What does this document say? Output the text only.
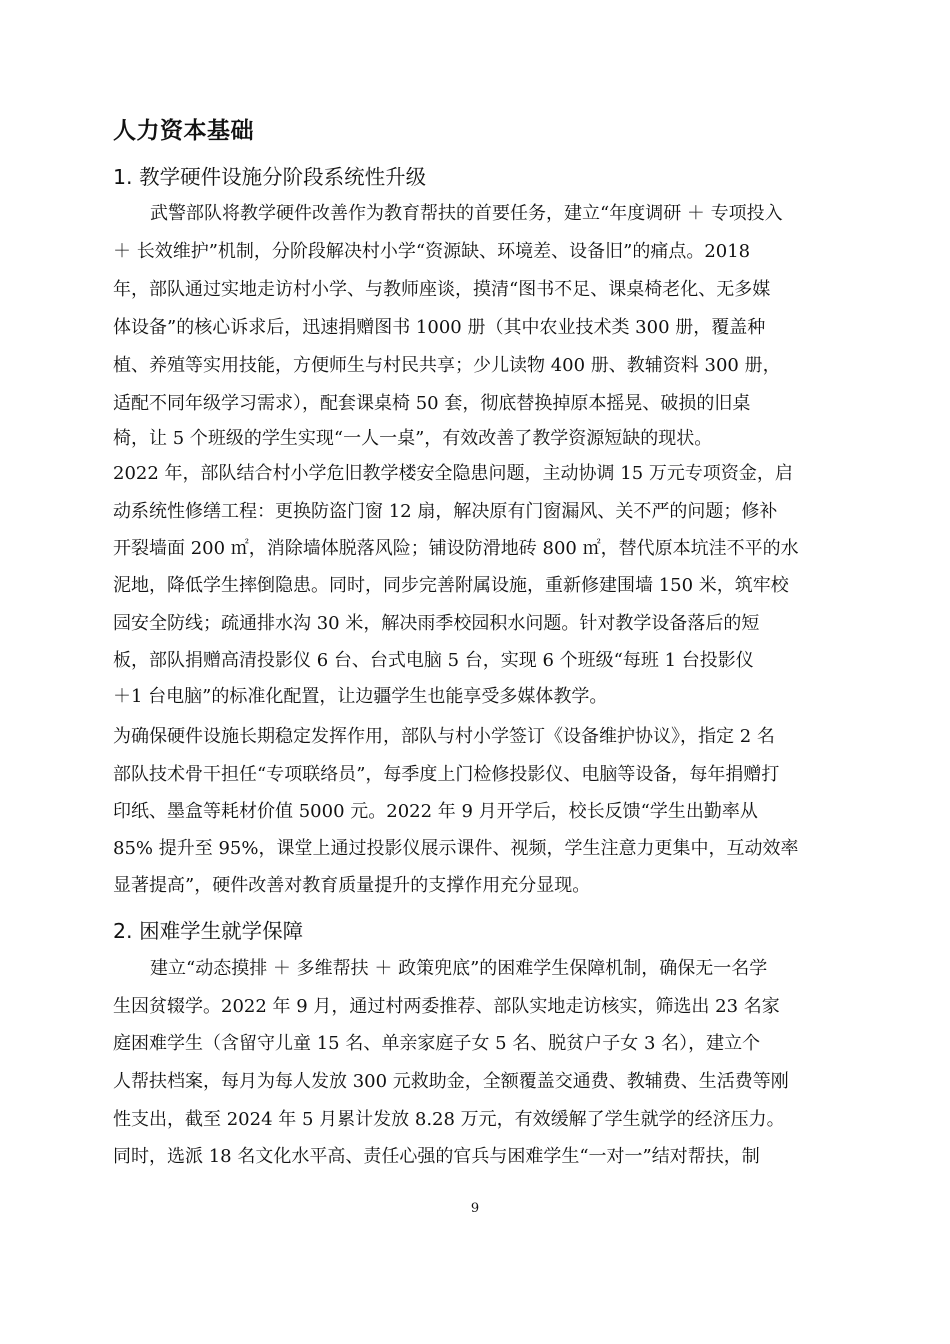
人力资本基础
1. 教学硬件设施分阶段系统性升级
武警部队将教学硬件改善作为教育帮扶的首要任务，建立“年度调研 ＋ 专项投入
＋ 长效维护”机制，分阶段解决村小学“资源缺、环境差、设备旧”的痛点。2018
年，部队通过实地走访村小学、与教师座谈，摸清“图书不足、课桌椅老化、无多媒
体设备”的核心诉求后，迅速捐赠图书 1000 册（其中农业技术类 300 册，覆盖种
植、养殖等实用技能，方便师生与村民共享；少儿读物 400 册、教辅资料 300 册，
适配不同年级学习需求），配套课桌椅 50 套，彻底替换掉原本摇晃、破损的旧桌
椅，让 5 个班级的学生实现“一人一桌”，有效改善了教学资源短缺的现状。
2022 年，部队结合村小学危旧教学楼安全隐患问题，主动协调 15 万元专项资金，启
动系统性修缮工程：更换防盗门窗 12 扇，解决原有门窗漏风、关不严的问题；修补
开裂墙面 200 ㎡，消除墙体脱落风险；铺设防滑地砖 800 ㎡，替代原本坑洼不平的水
泥地，降低学生摔倒隐患。同时，同步完善附属设施，重新修建围墙 150 米，筑牢校
园安全防线；疏通排水沟 30 米，解决雨季校园积水问题。针对教学设备落后的短
板，部队捐赠高清投影仪 6 台、台式电脑 5 台，实现 6 个班级“每班 1 台投影仪
＋1 台电脑”的标准化配置，让边疆学生也能享受多媒体教学。
为确保硬件设施长期稳定发挥作用，部队与村小学签订《设备维护协议》，指定 2 名
部队技术骨干担任“专项联络员”，每季度上门检修投影仪、电脑等设备，每年捐赠打
印纸、墨盒等耗材价值 5000 元。2022 年 9 月开学后，校长反馈“学生出勤率从
85% 提升至 95%，课堂上通过投影仪展示课件、视频，学生注意力更集中，互动效率
显著提高”，硬件改善对教育质量提升的支撑作用充分显现。
2. 困难学生就学保障
建立“动态摸排 ＋ 多维帮扶 ＋ 政策兜底”的困难学生保障机制，确保无一名学
生因贫辍学。2022 年 9 月，通过村两委推荐、部队实地走访核实，筛选出 23 名家
庭困难学生（含留守儿童 15 名、单亲家庭子女 5 名、脱贫户子女 3 名），建立个
人帮扶档案，每月为每人发放 300 元救助金，全额覆盖交通费、教辅费、生活费等刚
性支出，截至 2024 年 5 月累计发放 8.28 万元，有效缓解了学生就学的经济压力。
同时，选派 18 名文化水平高、责任心强的官兵与困难学生“一对一”结对帮扶，制
9
